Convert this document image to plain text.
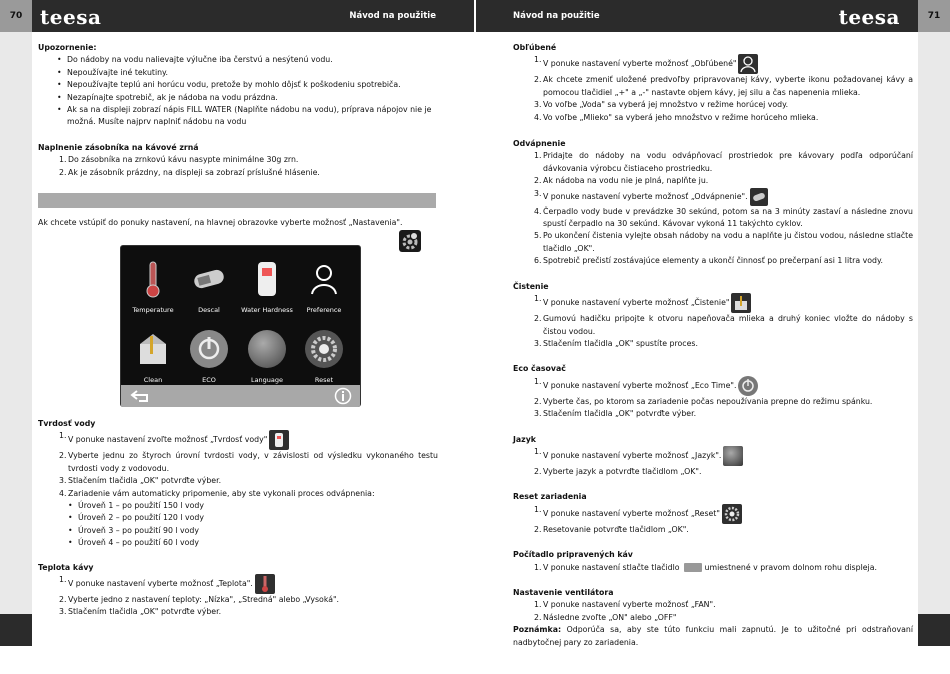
70 teesa	Návod na použitie	Návod na použitie	teesa	71
Upozornenie:
• Do nádoby na vodu nalievajte výlučne iba čerstvú a nesýtenú vodu.
• Nepoužívajte iné tekutiny.
• Nepoužívajte teplú ani horúcu vodu, pretože by mohlo dôjsť k poškodeniu spotrebiča.
• Nezapínajte spotrebič, ak je nádoba na vodu prázdna.
• Ak sa na displeji zobrazí nápis FILL WATER (Naplňte nádobu na vodu), príprava nápojov nie je možná. Musíte najprv naplniť nádobu na vodu
Naplnenie zásobníka na kávové zrná
1. Do zásobníka na zrnkovú kávu nasypte minimálne 30g zrn.
2. Ak je zásobník prázdny, na displeji sa zobrazí príslušné hlásenie.

Ak chcete vstúpiť do ponuky nastavení, na hlavnej obrazovke vyberte možnosť „Nastavenia".

Temperature	Descal	Water Hardness Preference
Clean	ECO	Language	Reset
Tvrdosť vody
1. V ponuke nastavení zvoľte možnosť „Tvrdosť vody"
2. Vyberte jednu zo štyroch úrovní tvrdosti vody, v závislosti od výsledku vykonaného testu tvrdosti vody z vodovodu.
3. Stlačením tlačidla „OK" potvrďte výber.
4. Zariadenie vám automaticky pripomenie, aby ste vykonali proces odvápnenia:
• Úroveň 1 – po použití 150 l vody
• Úroveň 2 – po použití 120 l vody
• Úroveň 3 – po použití 90 l vody
• Úroveň 4 – po použití 60 l vody
Teplota kávy
1. V ponuke nastavení vyberte možnosť „Teplota".
2. Vyberte jedno z nastavení teploty: „Nízka", „Stredná" alebo „Vysoká".
3. Stlačením tlačidla „OK" potvrďte výber.
Obľúbené
1. V ponuke nastavení vyberte možnosť „Obľúbené"
2. Ak chcete zmeniť uložené predvoľby pripravovanej kávy, vyberte ikonu požadovanej kávy a pomocou tlačidiel „+" a „-" nastavte objem kávy, jej silu a čas napenenia mlieka.
3. Vo voľbe „Voda" sa vyberá jej množstvo v režime horúcej vody.
4. Vo voľbe „Mlieko" sa vyberá jeho množstvo v režime horúceho mlieka.
Odvápnenie
1. Pridajte do nádoby na vodu odvápňovací prostriedok pre kávovary podľa odporúčaní dávkovania výrobcu čistiaceho prostriedku.
2. Ak nádoba na vodu nie je plná, naplňte ju.
3. V ponuke nastavení vyberte možnosť „Odvápnenie".
4. Čerpadlo vody bude v prevádzke 30 sekúnd, potom sa na 3 minúty zastaví a následne znovu spustí čerpadlo na 30 sekúnd. Kávovar vykoná 11 takýchto cyklov.
5. Po ukončení čistenia vylejte obsah nádoby na vodu a naplňte ju čistou vodou, následne stlačte tlačidlo „OK".
6. Spotrebič prečistí zostávajúce elementy a ukončí činnosť po prečerpaní asi 1 litra vody.
Čistenie
1. V ponuke nastavení vyberte možnosť „Čistenie"
2. Gumovú hadičku pripojte k otvoru napeňovača mlieka a druhý koniec vložte do nádoby s čistou vodou.
3. Stlačením tlačidla „OK" spustíte proces.
Eco časovač
1. V ponuke nastavení vyberte možnosť „Eco Time".
2. Vyberte čas, po ktorom sa zariadenie počas nepoužívania prepne do režimu spánku.
3. Stlačením tlačidla „OK" potvrďte výber.
Jazyk
1. V ponuke nastavení vyberte možnosť „Jazyk".
2. Vyberte jazyk a potvrďte tlačidlom „OK".
Reset zariadenia
1. V ponuke nastavení vyberte možnosť „Reset"
2. Resetovanie potvrďte tlačidlom „OK".
Počítadlo pripravených káv
1. V ponuke nastavení stlačte tlačidlo	umiestnené v pravom dolnom rohu displeja.
Nastavenie ventilátora
1. V ponuke nastavení vyberte možnosť „FAN".
2. Následne zvoľte „ON" alebo „OFF"

Poznámka: Odporúča sa, aby ste túto funkciu mali zapnutú. Je to užitočné pri odstraňovaní nadbytočnej pary zo zariadenia.
